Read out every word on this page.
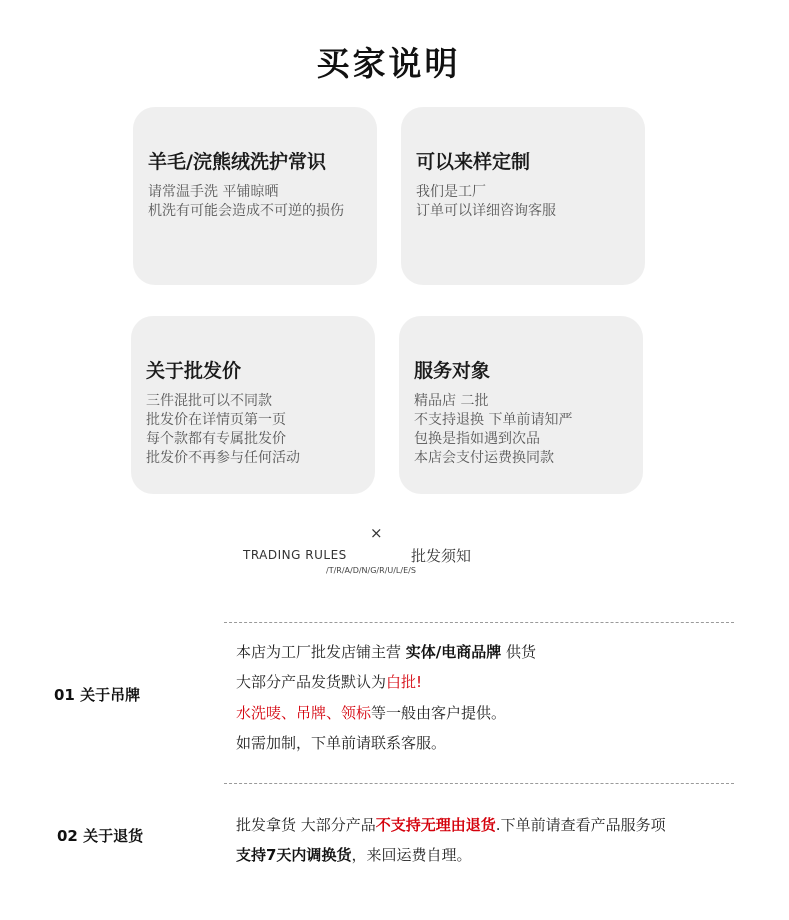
买家说明
羊毛/浣熊绒洗护常识
请常温手洗 平铺晾晒
机洗有可能会造成不可逆的损伤
可以来样定制
我们是工厂
订单可以详细咨询客服
关于批发价
三件混批可以不同款
批发价在详情页第一页
每个款都有专属批发价
批发价不再参与任何活动
服务对象
精品店 二批
不支持退换 下单前请知严
包换是指如遇到次品
本店会支付运费换同款
×
TRADING RULES	批发须知
/T/R/A/D/N/G/R/U/L/E/S
01 关于吊牌
本店为工厂批发店铺主营 实体/电商品牌 供货
大部分产品发货默认为白批!
水洗唛、吊牌、领标等一般由客户提供。
如需加制，下单前请联系客服。
02 关于退货
批发拿货 大部分产品不支持无理由退货.下单前请查看产品服务项
支持7天内调换货，来回运费自理。
